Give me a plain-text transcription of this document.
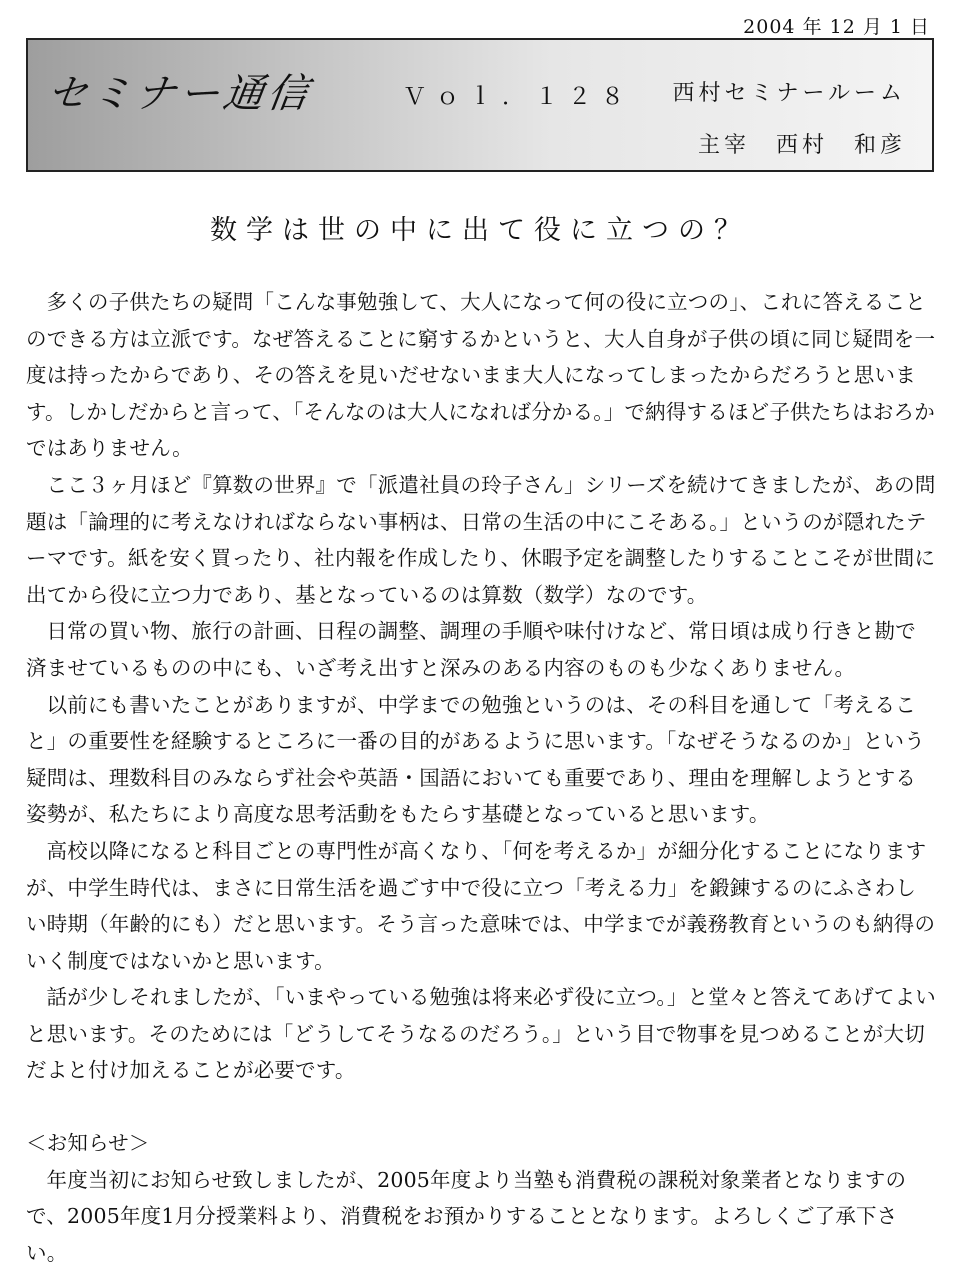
2004 年 12 月 1 日
セミナー通信	Ｖｏｌ．１２８ 西村セミナールーム
主宰　西村　和彦
数学は世の中に出て役に立つの？

多くの子供たちの疑問「こんな事勉強して、大人になって何の役に立つの」、これに答えることのできる方は立派です。なぜ答えることに窮するかというと、大人自身が子供の頃に同じ疑問を一度は持ったからであり、その答えを見いだせないまま大人になってしまったからだろうと思います。しかしだからと言って、「そんなのは大人になれば分かる。」で納得するほど子供たちはおろかではありません。

ここ３ヶ月ほど『算数の世界』で「派遣社員の玲子さん」シリーズを続けてきましたが、あの問題は「論理的に考えなければならない事柄は、日常の生活の中にこそある。」というのが隠れたテーマです。紙を安く買ったり、社内報を作成したり、休暇予定を調整したりすることこそが世間に出てから役に立つ力であり、基となっているのは算数（数学）なのです。

日常の買い物、旅行の計画、日程の調整、調理の手順や味付けなど、常日頃は成り行きと勘で済ませているものの中にも、いざ考え出すと深みのある内容のものも少なくありません。

以前にも書いたことがありますが、中学までの勉強というのは、その科目を通して「考えること」の重要性を経験するところに一番の目的があるように思います。「なぜそうなるのか」という疑問は、理数科目のみならず社会や英語・国語においても重要であり、理由を理解しようとする姿勢が、私たちにより高度な思考活動をもたらす基礎となっていると思います。

高校以降になると科目ごとの専門性が高くなり、「何を考えるか」が細分化することになりますが、中学生時代は、まさに日常生活を過ごす中で役に立つ「考える力」を鍛錬するのにふさわしい時期（年齢的にも）だと思います。そう言った意味では、中学までが義務教育というのも納得のいく制度ではないかと思います。

話が少しそれましたが、「いまやっている勉強は将来必ず役に立つ。」と堂々と答えてあげてよいと思います。そのためには「どうしてそうなるのだろう。」という目で物事を見つめることが大切だよと付け加えることが必要です。

＜お知らせ＞

年度当初にお知らせ致しましたが、2005年度より当塾も消費税の課税対象業者となりますので、2005年度1月分授業料より、消費税をお預かりすることとなります。よろしくご了承下さい。
